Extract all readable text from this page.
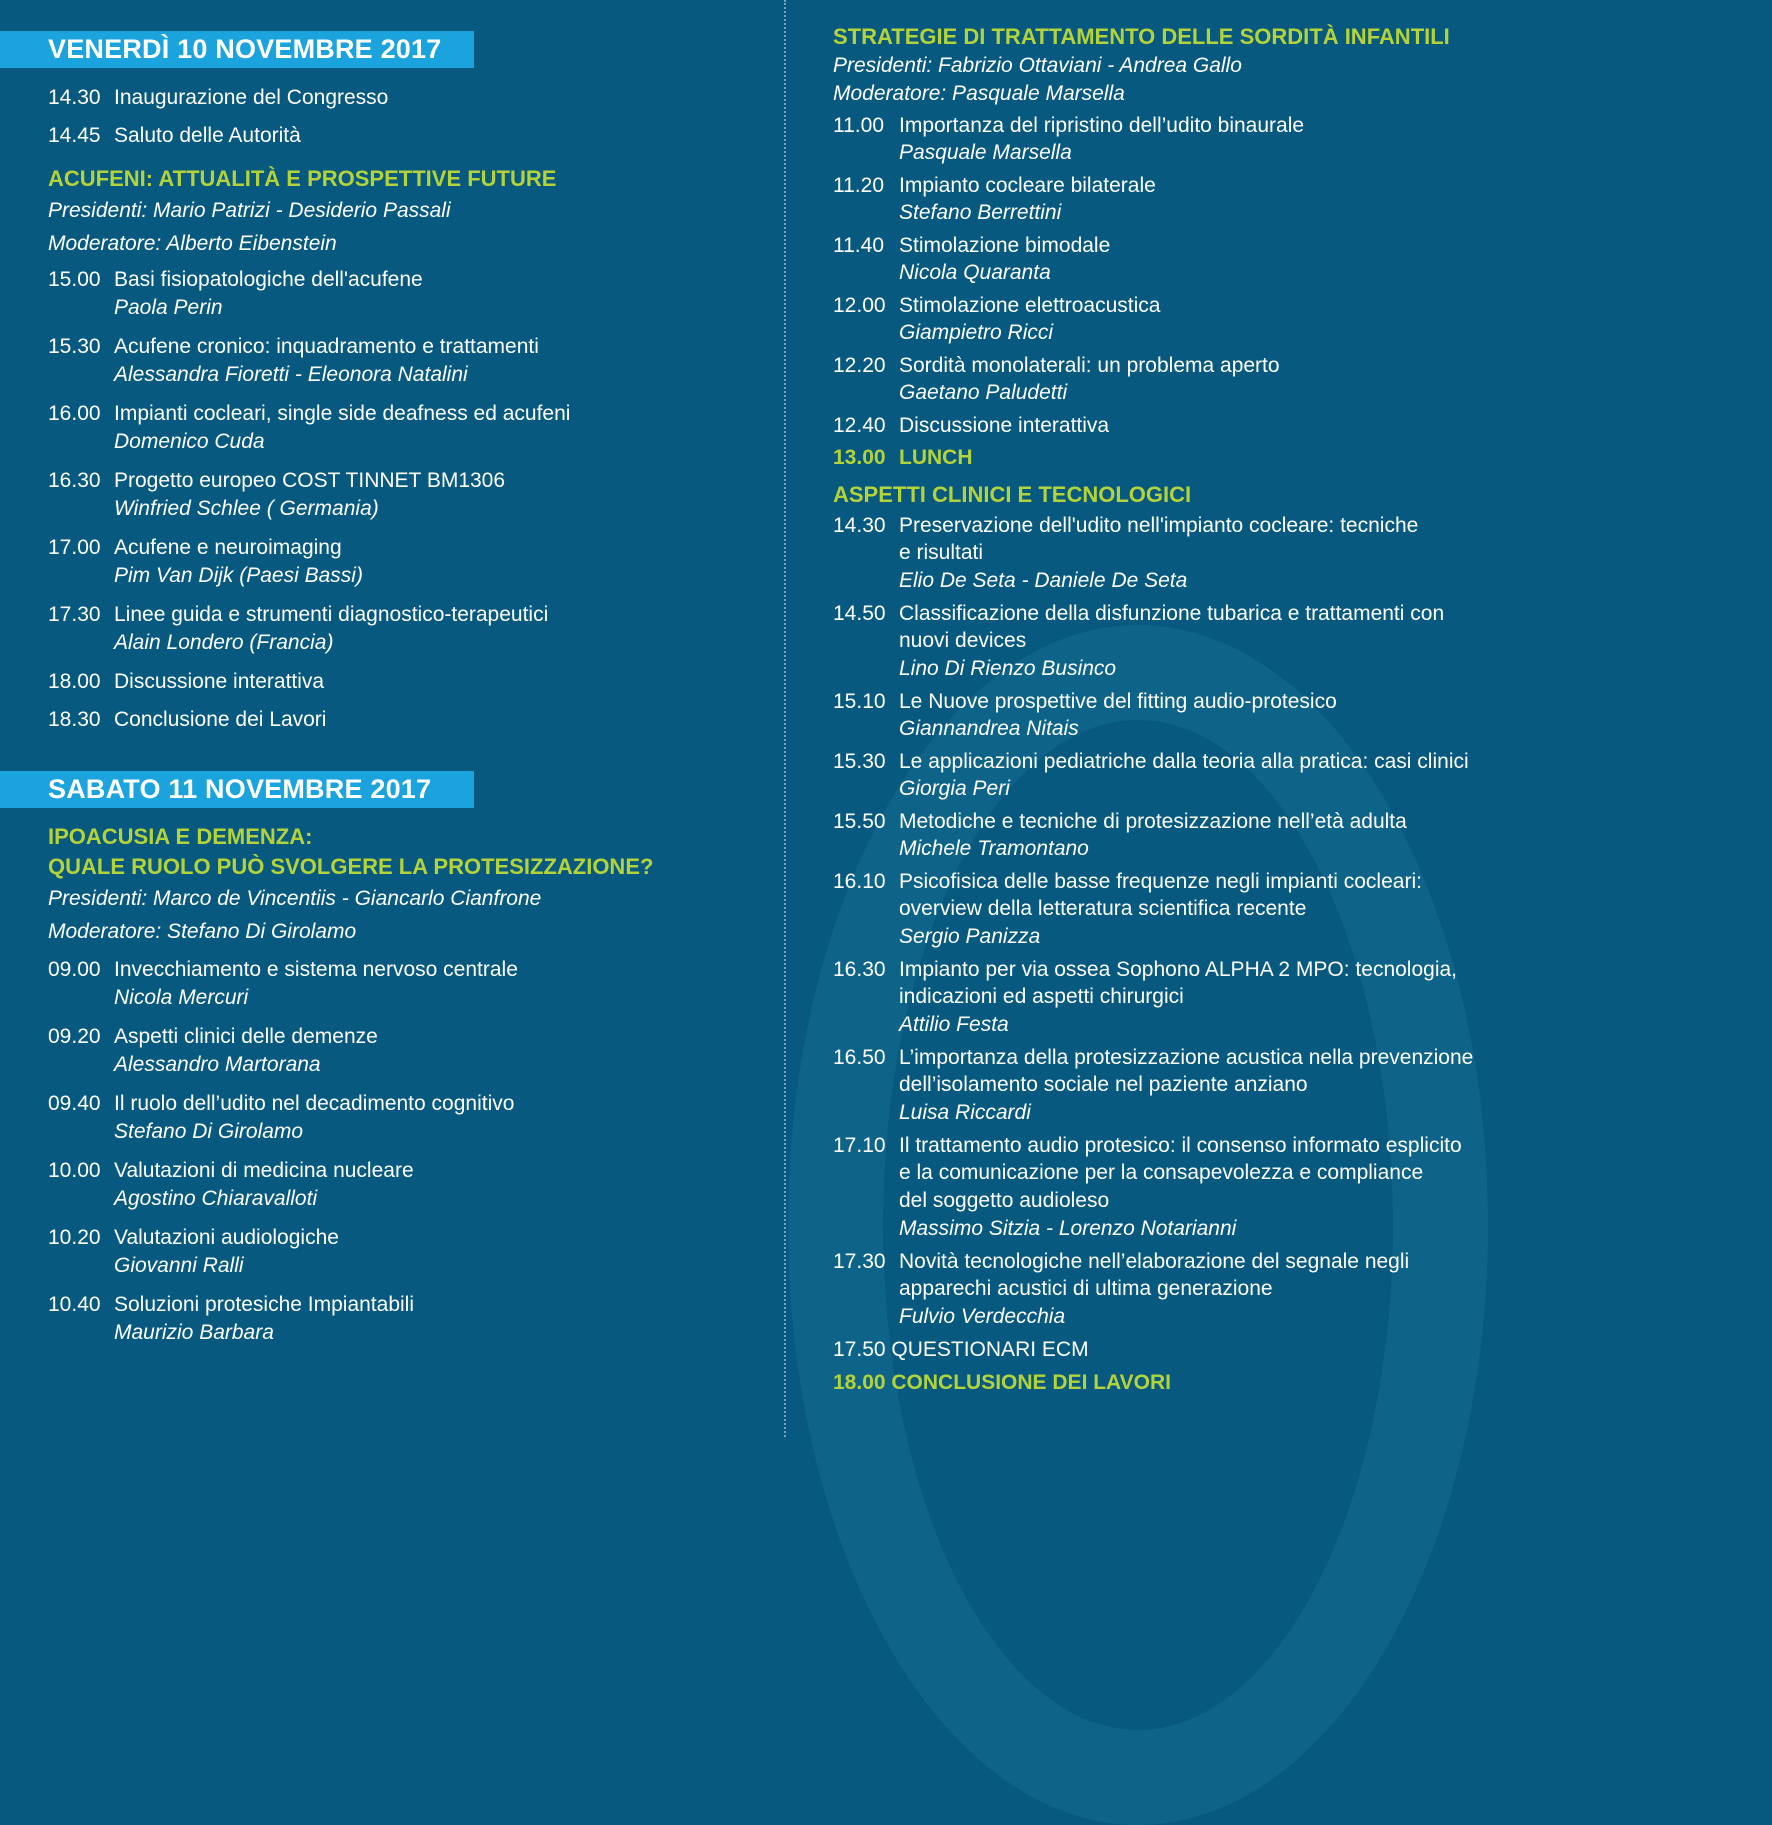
VENERDÌ 10 NOVEMBRE 2017
14.30 Inaugurazione del Congresso
14.45 Saluto delle Autorità
ACUFENI: ATTUALITÀ E PROSPETTIVE FUTURE
Presidenti: Mario Patrizi - Desiderio Passali
Moderatore: Alberto Eibenstein
15.00 Basi fisiopatologiche dell'acufene
Paola Perin
15.30 Acufene cronico: inquadramento e trattamenti
Alessandra Fioretti - Eleonora Natalini
16.00 Impianti cocleari, single side deafness ed acufeni
Domenico Cuda
16.30 Progetto europeo COST TINNET BM1306
Winfried Schlee ( Germania)
17.00 Acufene e neuroimaging
Pim Van Dijk (Paesi Bassi)
17.30 Linee guida e strumenti diagnostico-terapeutici
Alain Londero (Francia)
18.00 Discussione interattiva
18.30 Conclusione dei Lavori
SABATO 11 NOVEMBRE 2017
IPOACUSIA E DEMENZA:
QUALE RUOLO PUÒ SVOLGERE LA PROTESIZZAZIONE?
Presidenti: Marco de Vincentiis - Giancarlo Cianfrone
Moderatore: Stefano Di Girolamo
09.00 Invecchiamento e sistema nervoso centrale
Nicola Mercuri
09.20 Aspetti clinici delle demenze
Alessandro Martorana
09.40 Il ruolo dell’udito nel decadimento cognitivo
Stefano Di Girolamo
10.00 Valutazioni di medicina nucleare
Agostino Chiaravalloti
10.20 Valutazioni audiologiche
Giovanni Ralli
10.40 Soluzioni protesiche Impiantabili
Maurizio Barbara
STRATEGIE DI TRATTAMENTO DELLE SORDITÀ INFANTILI
Presidenti: Fabrizio Ottaviani - Andrea Gallo
Moderatore: Pasquale Marsella
11.00 Importanza del ripristino dell’udito binaurale
Pasquale Marsella
11.20 Impianto cocleare bilaterale
Stefano Berrettini
11.40 Stimolazione bimodale
Nicola Quaranta
12.00 Stimolazione elettroacustica
Giampietro Ricci
12.20 Sordità monolaterali: un problema aperto
Gaetano Paludetti
12.40 Discussione interattiva
13.00 LUNCH
ASPETTI CLINICI E TECNOLOGICI
14.30 Preservazione dell'udito nell'impianto cocleare: tecniche
e risultati
Elio De Seta - Daniele De Seta
14.50 Classificazione della disfunzione tubarica e trattamenti con
nuovi devices
Lino Di Rienzo Businco
15.10 Le Nuove prospettive del fitting audio-protesico
Giannandrea Nitais
15.30 Le applicazioni pediatriche dalla teoria alla pratica: casi clinici
Giorgia Peri
15.50 Metodiche e tecniche di protesizzazione nell’età adulta
Michele Tramontano
16.10 Psicofisica delle basse frequenze negli impianti cocleari:
overview della letteratura scientifica recente
Sergio Panizza
16.30 Impianto per via ossea Sophono ALPHA 2 MPO: tecnologia,
indicazioni ed aspetti chirurgici
Attilio Festa
16.50 L’importanza della protesizzazione acustica nella prevenzione
dell’isolamento sociale nel paziente anziano
Luisa Riccardi
17.10 Il trattamento audio protesico: il consenso informato esplicito
e la comunicazione per la consapevolezza e compliance
del soggetto audioleso
Massimo Sitzia - Lorenzo Notarianni
17.30 Novità tecnologiche nell’elaborazione del segnale negli
apparechi acustici di ultima generazione
Fulvio Verdecchia
17.50 QUESTIONARI ECM
18.00 CONCLUSIONE DEI LAVORI
